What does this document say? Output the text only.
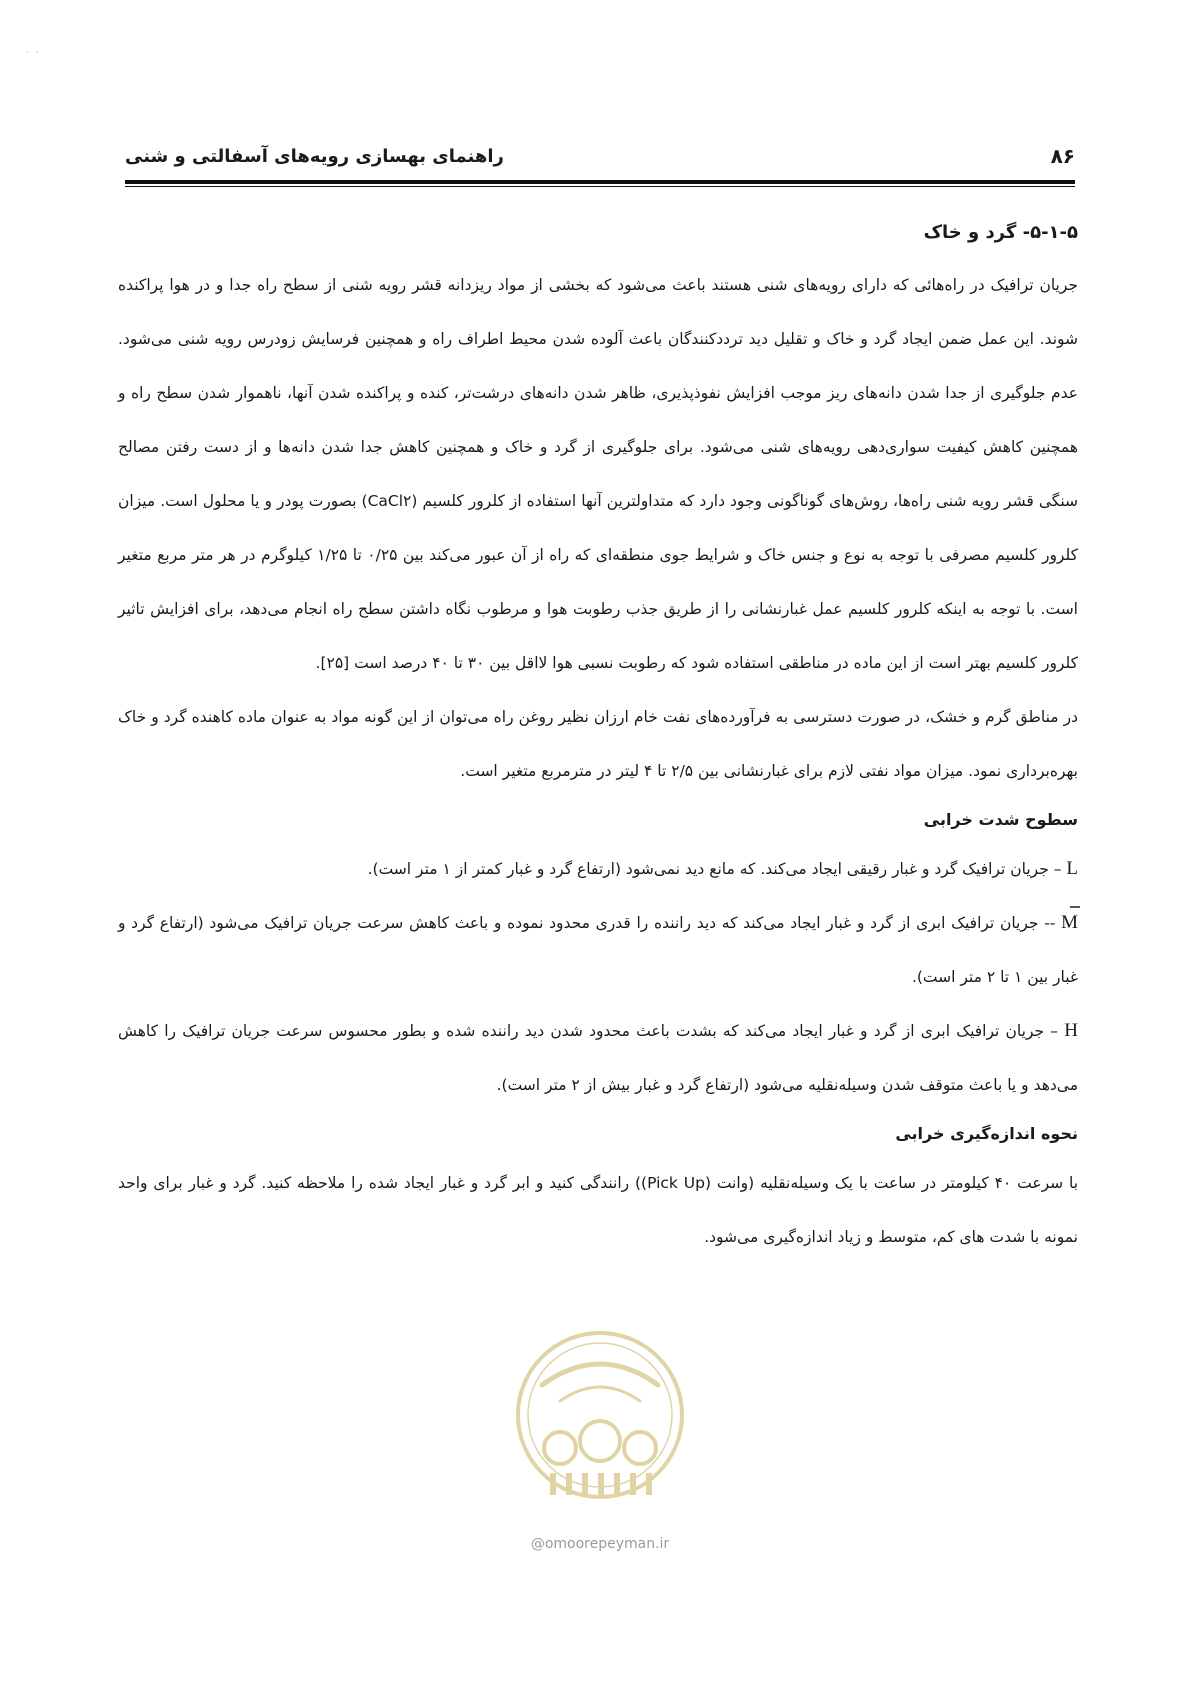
· ·
۸۶
راهنمای بهسازی رویه‌های آسفالتی و شنی

۵-۱-۵- گرد و خاک

جریان ترافیک در راه‌هائی که دارای رویه‌های شنی هستند باعث می‌شود که بخشی از مواد ریزدانه قشر رویه شنی از سطح راه جدا و در هوا پراکنده شوند. این عمل ضمن ایجاد گرد و خاک و تقلیل دید ترددکنندگان باعث آلوده شدن محیط اطراف راه و همچنین فرسایش زودرس رویه شنی می‌شود. عدم جلوگیری از جدا شدن دانه‌های ریز موجب افزایش نفوذپذیری، ظاهر شدن دانه‌های درشت‌تر، کنده و پراکنده شدن آنها، ناهموار شدن سطح راه و همچنین کاهش کیفیت سواری‌دهی رویه‌های شنی می‌شود. برای جلوگیری از گرد و خاک و همچنین کاهش جدا شدن دانه‌ها و از دست رفتن مصالح سنگی قشر رویه شنی راه‌ها، روش‌های گوناگونی وجود دارد که متداولترین آنها استفاده از کلرور کلسیم (CaCl۲) بصورت پودر و یا محلول است. میزان کلرور کلسیم مصرفی با توجه به نوع و جنس خاک و شرایط جوی منطقه‌ای که راه از آن عبور می‌کند بین ۰/۲۵ تا ۱/۲۵ کیلوگرم در هر متر مربع متغیر است. با توجه به اینکه کلرور کلسیم عمل غبارنشانی را از طریق جذب رطوبت هوا و مرطوب نگاه داشتن سطح راه انجام می‌دهد، برای افزایش تاثیر کلرور کلسیم بهتر است از این ماده در مناطقی استفاده شود که رطوبت نسبی هوا لااقل بین ۳۰ تا ۴۰ درصد است [۲۵].

در مناطق گرم و خشک، در صورت دسترسی به فرآورده‌های نفت خام ارزان نظیر روغن راه می‌توان از این گونه مواد به عنوان ماده کاهنده گرد و خاک بهره‌برداری نمود. میزان مواد نفتی لازم برای غبارنشانی بین ۲/۵ تا ۴ لیتر در مترمربع متغیر است.

سطوح شدت خرابی

L – جریان ترافیک گرد و غبار رقیقی ایجاد می‌کند. که مانع دید نمی‌شود (ارتفاع گرد و غبار کمتر از ۱ متر است).

M -- جریان ترافیک ابری از گرد و غبار ایجاد می‌کند که دید راننده را قدری محدود نموده و باعث کاهش سرعت جریان ترافیک می‌شود (ارتفاع گرد و غبار بین ۱ تا ۲ متر است).

H – جریان ترافیک ابری از گرد و غبار ایجاد می‌کند که بشدت باعث محدود شدن دید راننده شده و بطور محسوس سرعت جریان ترافیک را کاهش می‌دهد و یا باعث متوقف شدن وسیله‌نقلیه می‌شود (ارتفاع گرد و غبار بیش از ۲ متر است).

نحوه اندازه‌گیری خرابی

با سرعت ۴۰ کیلومتر در ساعت با یک وسیله‌نقلیه (وانت (Pick Up)) رانندگی کنید و ابر گرد و غبار ایجاد شده را ملاحظه کنید. گرد و غبار برای واحد نمونه با شدت های کم، متوسط و زیاد اندازه‌گیری می‌شود.

@omoorepeyman.ir
